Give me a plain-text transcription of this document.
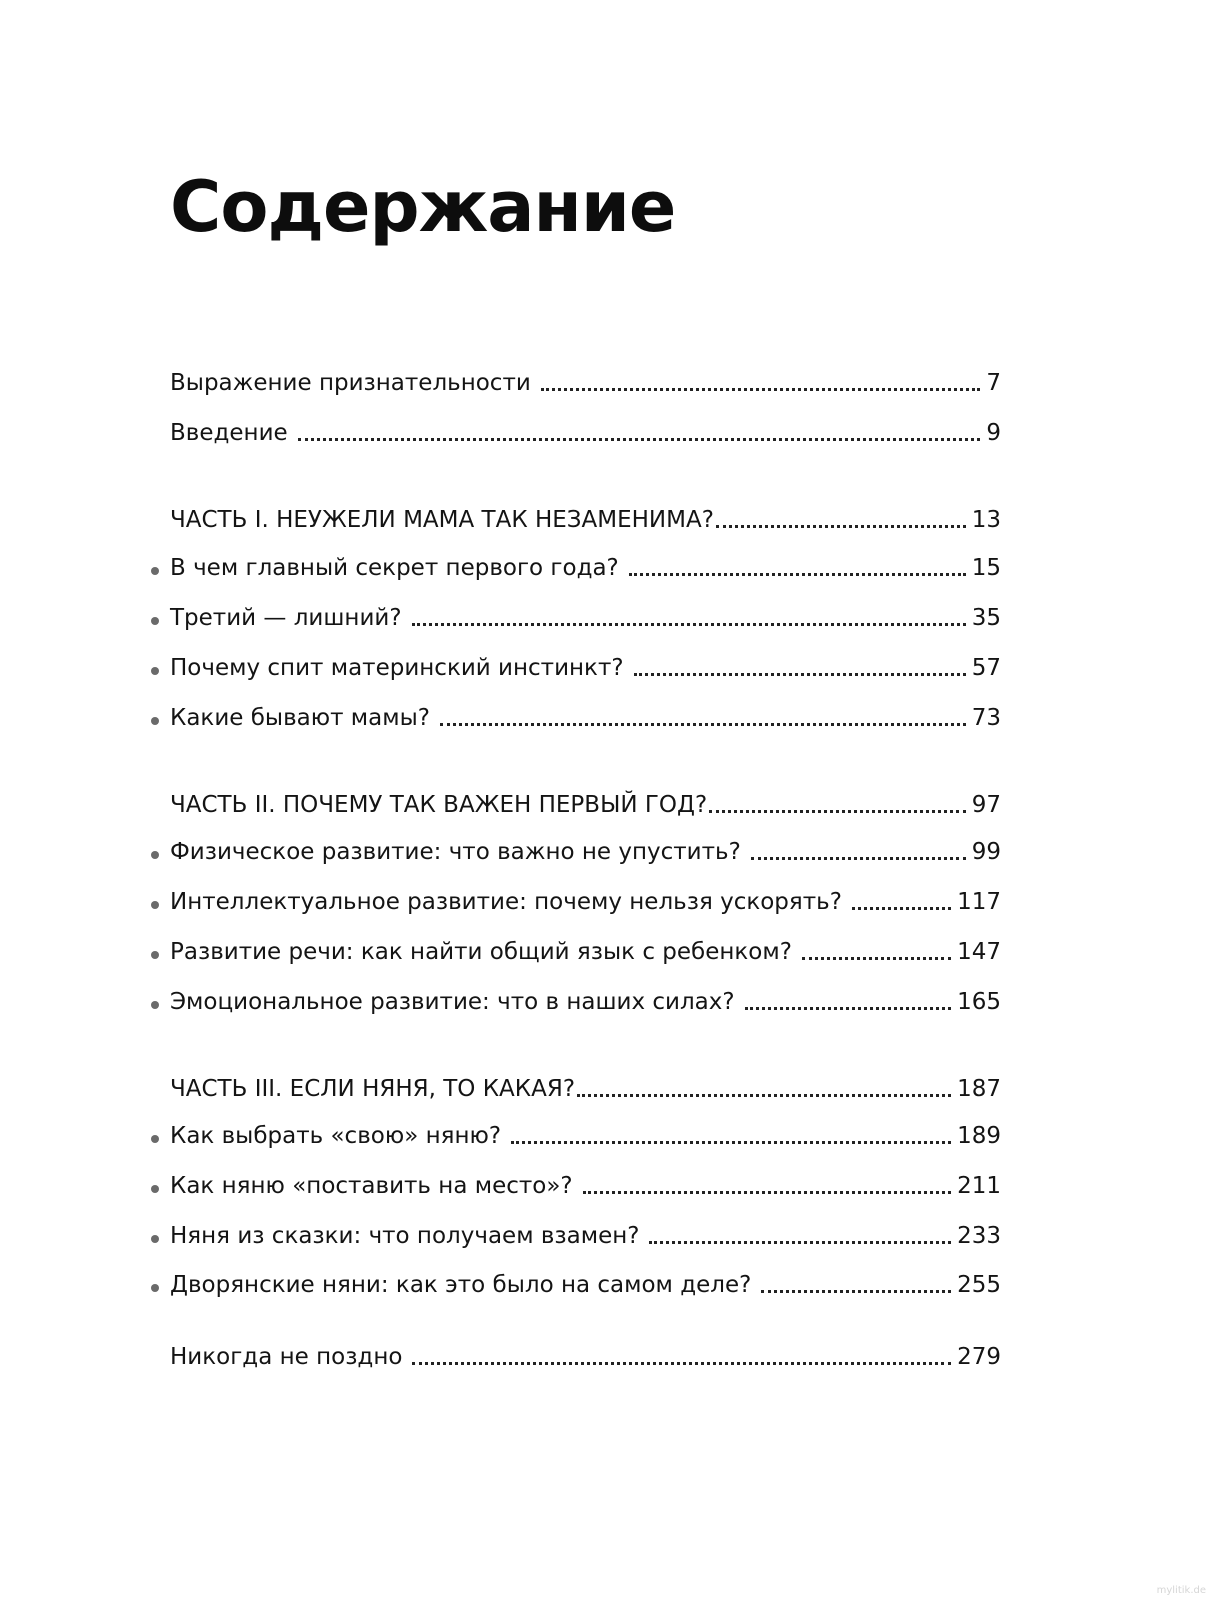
Содержание
Выражение признательности	7
Введение	9
ЧАСТЬ I. НЕУЖЕЛИ МАМА ТАК НЕЗАМЕНИМА?	13
В чем главный секрет первого года?	15
Третий — лишний?	35
Почему спит материнский инстинкт?	57
Какие бывают мамы?	73
ЧАСТЬ II. ПОЧЕМУ ТАК ВАЖЕН ПЕРВЫЙ ГОД?	97
Физическое развитие: что важно не упустить?	99
Интеллектуальное развитие: почему нельзя ускорять?	117
Развитие речи: как найти общий язык с ребенком?	147
Эмоциональное развитие: что в наших силах?	165
ЧАСТЬ III. ЕСЛИ НЯНЯ, ТО КАКАЯ?	187
Как выбрать «свою» няню?	189
Как няню «поставить на место»?	211
Няня из сказки: что получаем взамен?	233
Дворянские няни: как это было на самом деле?	255
Никогда не поздно	279
mylitik.de
